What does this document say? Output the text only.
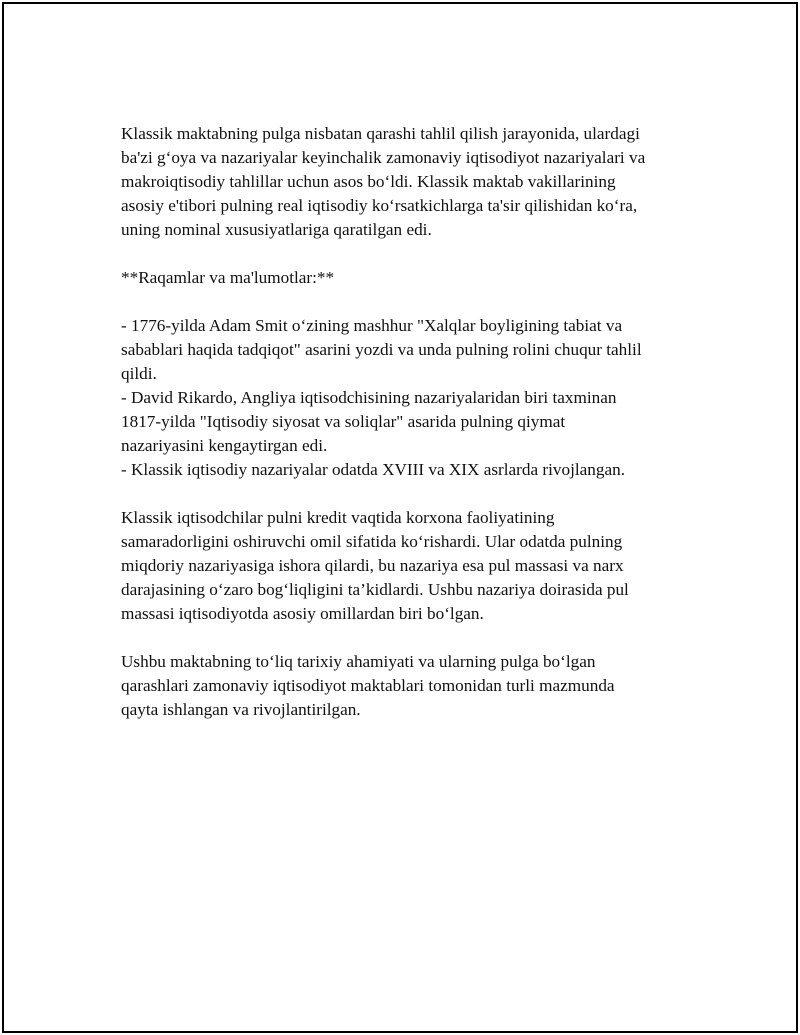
Klassik maktabning pulga nisbatan qarashi tahlil qilish jarayonida, ulardagi
ba'zi g‘oya va nazariyalar keyinchalik zamonaviy iqtisodiyot nazariyalari va
makroiqtisodiy tahlillar uchun asos bo‘ldi. Klassik maktab vakillarining
asosiy e'tibori pulning real iqtisodiy ko‘rsatkichlarga ta'sir qilishidan ko‘ra,
uning nominal xususiyatlariga qaratilgan edi.

**Raqamlar va ma'lumotlar:**

- 1776-yilda Adam Smit o‘zining mashhur "Xalqlar boyligining tabiat va
sabablari haqida tadqiqot" asarini yozdi va unda pulning rolini chuqur tahlil
qildi.
- David Rikardo, Angliya iqtisodchisining nazariyalaridan biri taxminan
1817-yilda "Iqtisodiy siyosat va soliqlar" asarida pulning qiymat
nazariyasini kengaytirgan edi.
- Klassik iqtisodiy nazariyalar odatda XVIII va XIX asrlarda rivojlangan.

Klassik iqtisodchilar pulni kredit vaqtida korxona faoliyatining
samaradorligini oshiruvchi omil sifatida ko‘rishardi. Ular odatda pulning
miqdoriy nazariyasiga ishora qilardi, bu nazariya esa pul massasi va narx
darajasining o‘zaro bog‘liqligini ta’kidlardi. Ushbu nazariya doirasida pul
massasi iqtisodiyotda asosiy omillardan biri bo‘lgan.

Ushbu maktabning to‘liq tarixiy ahamiyati va ularning pulga bo‘lgan
qarashlari zamonaviy iqtisodiyot maktablari tomonidan turli mazmunda
qayta ishlangan va rivojlantirilgan.
